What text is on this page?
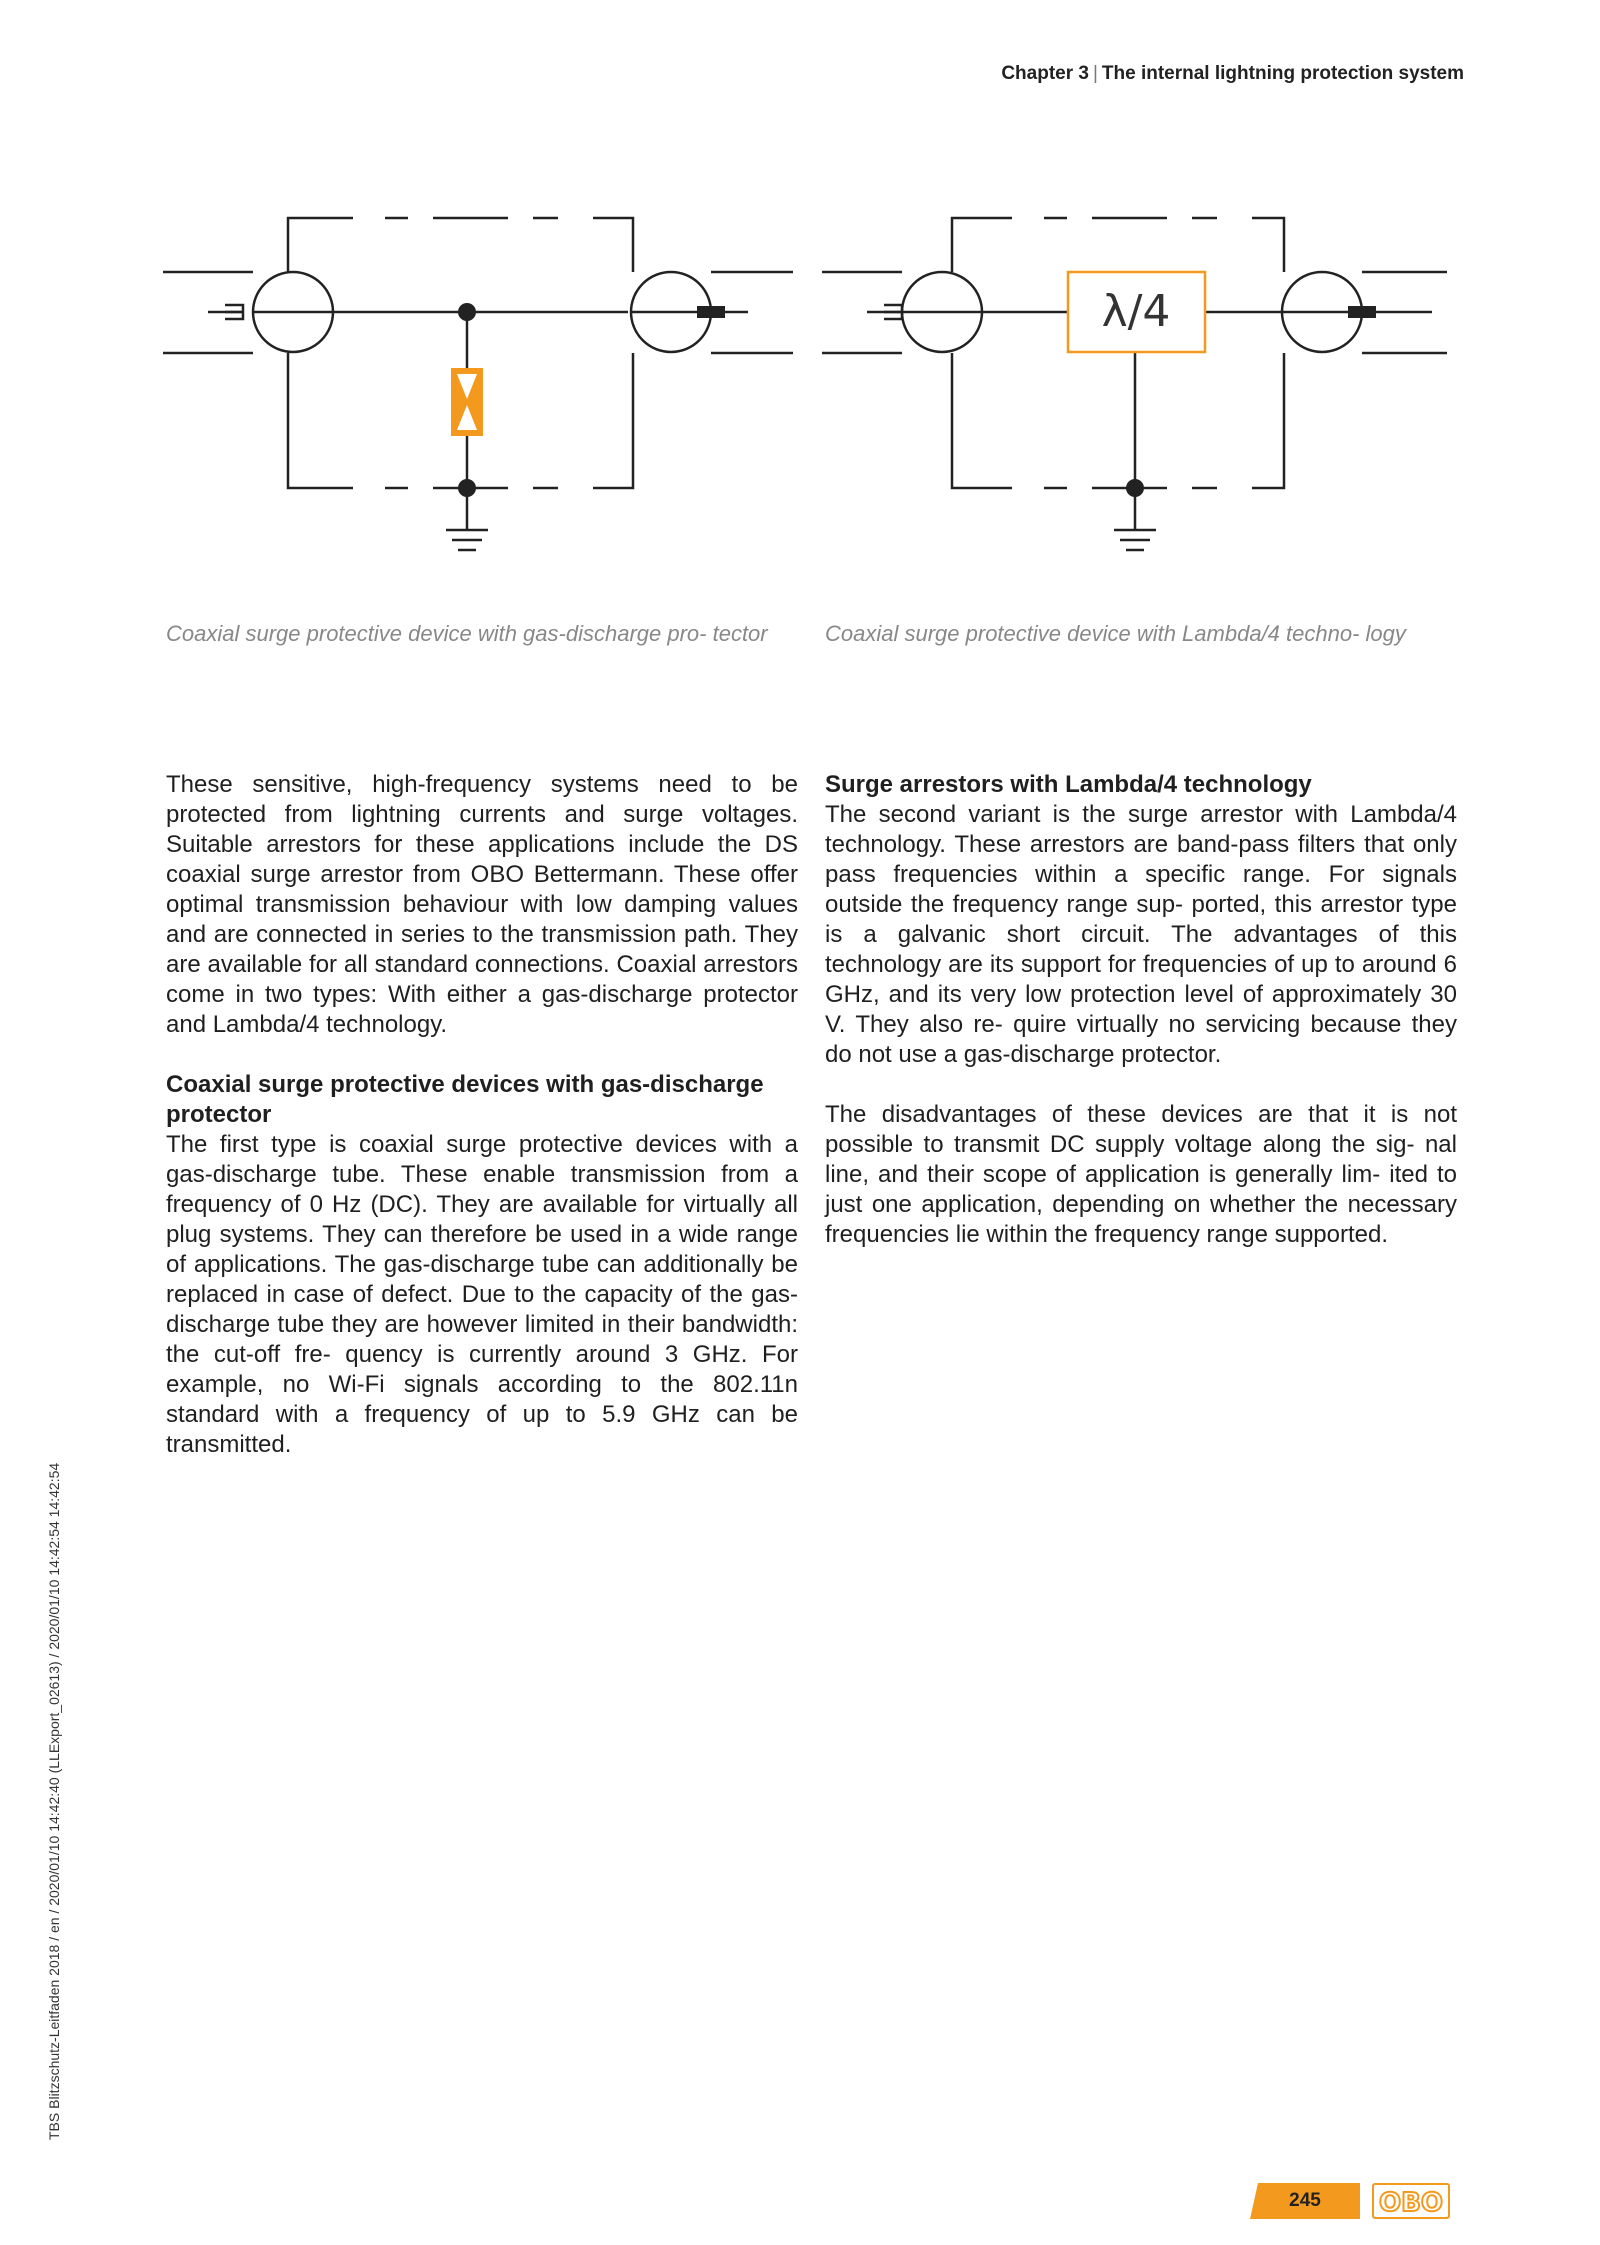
Chapter 3 | The internal lightning protection system
λ/4
Coaxial surge protective device with gas-discharge pro- tector	Coaxial surge protective device with Lambda/4 techno- logy

These sensitive, high-frequency systems need to be protected from lightning currents and surge voltages. Suitable arrestors for these applications include the DS coaxial surge arrestor from OBO Bettermann. These offer optimal transmission behaviour with low damping values and are connected in series to the transmission path. They are available for all standard connections. Coaxial arrestors come in two types: With either a gas-discharge protector and Lambda/4 technology.

Coaxial surge protective devices with gas-discharge protector

The first type is coaxial surge protective devices with a gas-discharge tube. These enable transmission from a frequency of 0 Hz (DC). They are available for virtually all plug systems. They can therefore be used in a wide range of applications. The gas-discharge tube can additionally be replaced in case of defect. Due to the capacity of the gas-discharge tube they are however limited in their bandwidth: the cut-off fre- quency is currently around 3 GHz. For example, no Wi-Fi signals according to the 802.11n standard with a frequency of up to 5.9 GHz can be transmitted.

Surge arrestors with Lambda/4 technology

The second variant is the surge arrestor with Lambda/4 technology. These arrestors are band-pass filters that only pass frequencies within a specific range. For signals outside the frequency range sup- ported, this arrestor type is a galvanic short circuit. The advantages of this technology are its support for frequencies of up to around 6 GHz, and its very low protection level of approximately 30 V. They also re- quire virtually no servicing because they do not use a gas-discharge protector.

The disadvantages of these devices are that it is not possible to transmit DC supply voltage along the sig- nal line, and their scope of application is generally lim- ited to just one application, depending on whether the necessary frequencies lie within the frequency range supported.

TBS Blitzschutz-Leitfaden 2018 / en / 2020/01/10 14:42:40 (LLExport_02613) / 2020/01/10 14:42:54 14:42:54
245	OBO
